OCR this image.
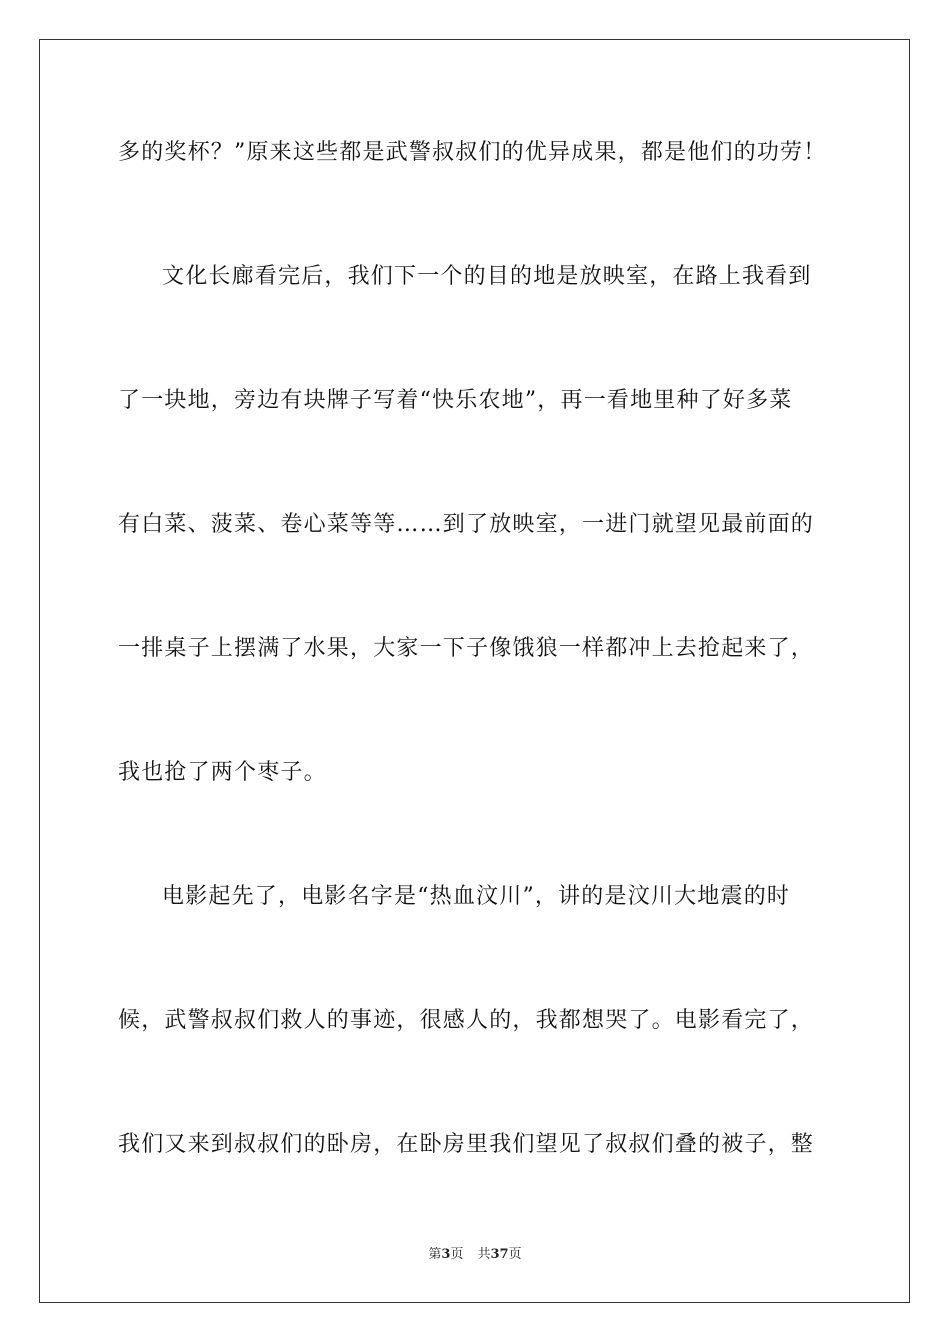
多的奖杯？”原来这些都是武警叔叔们的优异成果，都是他们的功劳！
文化长廊看完后，我们下一个的目的地是放映室，在路上我看到
了一块地，旁边有块牌子写着“快乐农地”，再一看地里种了好多菜
有白菜、菠菜、卷心菜等等……到了放映室，一进门就望见最前面的
一排桌子上摆满了水果，大家一下子像饿狼一样都冲上去抢起来了，
我也抢了两个枣子。
电影起先了，电影名字是“热血汶川”，讲的是汶川大地震的时
候，武警叔叔们救人的事迹，很感人的，我都想哭了。电影看完了，
我们又来到叔叔们的卧房，在卧房里我们望见了叔叔们叠的被子，整
第3页 共37页
